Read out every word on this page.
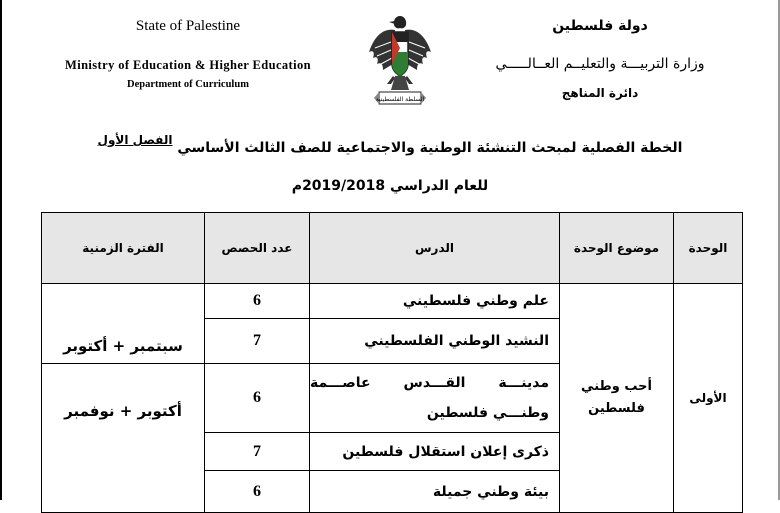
State of Palestine
Ministry of Education & Higher Education
Department of Curriculum
السلطة الفلسطينية
دولة فلسطين
وزارة التربيـــة والتعليــم العــالـــــي
دائرة المناهج
الخطة الفصلية لمبحث التنشئة الوطنية والاجتماعية للصف الثالث الأساسي الفصل الأول
للعام الدراسي 2019/2018م
الوحدة
موضوع الوحدة
الدرس
عدد الحصص
الفترة الزمنية
الأولى
أحب وطني فلسطين
علم وطني فلسطيني
النشيد الوطني الفلسطيني
مدينـــة القـــدس عاصـــمة وطنـــي فلسطين
ذكرى إعلان استقلال فلسطين
بيئة وطني جميلة
6
7
6
7
6
سبتمبر + أكتوبر
أكتوبر + نوفمبر
